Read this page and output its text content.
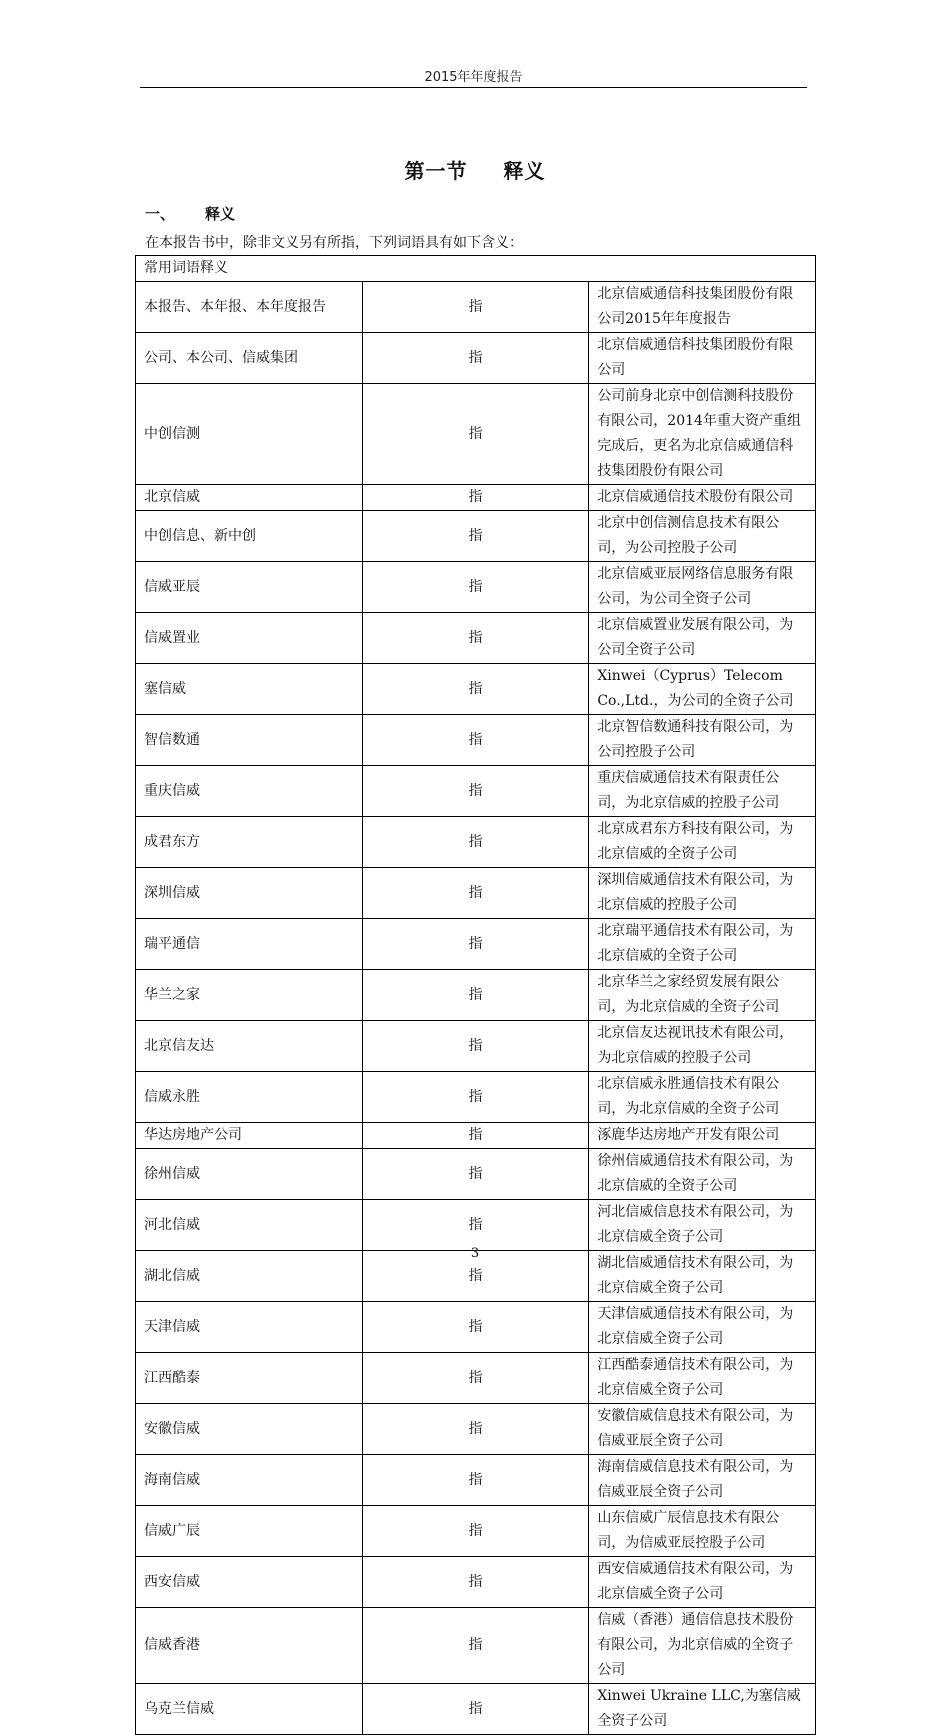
2015年年度报告
第一节 释义
一、 释义
在本报告书中，除非文义另有所指，下列词语具有如下含义：
常用词语释义		
本报告、本年报、本年度报告	指	北京信威通信科技集团股份有限公司2015年年度报告
公司、本公司、信威集团	指	北京信威通信科技集团股份有限公司
中创信测	指	公司前身北京中创信测科技股份有限公司，2014年重大资产重组完成后，更名为北京信威通信科技集团股份有限公司
北京信威	指	北京信威通信技术股份有限公司
中创信息、新中创	指	北京中创信测信息技术有限公司，为公司控股子公司
信威亚辰	指	北京信威亚辰网络信息服务有限公司，为公司全资子公司
信威置业	指	北京信威置业发展有限公司，为公司全资子公司
塞信威	指	Xinwei（Cyprus）Telecom　Co.,Ltd.，为公司的全资子公司
智信数通	指	北京智信数通科技有限公司，为公司控股子公司
重庆信威	指	重庆信威通信技术有限责任公司，为北京信威的控股子公司
成君东方	指	北京成君东方科技有限公司，为北京信威的全资子公司
深圳信威	指	深圳信威通信技术有限公司，为北京信威的控股子公司
瑞平通信	指	北京瑞平通信技术有限公司，为北京信威的全资子公司
华兰之家	指	北京华兰之家经贸发展有限公司，为北京信威的全资子公司
北京信友达	指	北京信友达视讯技术有限公司，为北京信威的控股子公司
信威永胜	指	北京信威永胜通信技术有限公司，为北京信威的全资子公司
华达房地产公司	指	涿鹿华达房地产开发有限公司
徐州信威	指	徐州信威通信技术有限公司，为北京信威的全资子公司
河北信威	指	河北信威信息技术有限公司，为北京信威全资子公司
湖北信威	指	湖北信威通信技术有限公司，为北京信威全资子公司
天津信威	指	天津信威通信技术有限公司，为北京信威全资子公司
江西酷泰	指	江西酷泰通信技术有限公司，为北京信威全资子公司
安徽信威	指	安徽信威信息技术有限公司，为信威亚辰全资子公司
海南信威	指	海南信威信息技术有限公司，为信威亚辰全资子公司
信威广辰	指	山东信威广辰信息技术有限公司，为信威亚辰控股子公司
西安信威	指	西安信威通信技术有限公司，为北京信威全资子公司
信威香港	指	信威（香港）通信信息技术股份有限公司，为北京信威的全资子公司
乌克兰信威	指	Xinwei Ukraine LLC,为塞信威全资子公司
3
